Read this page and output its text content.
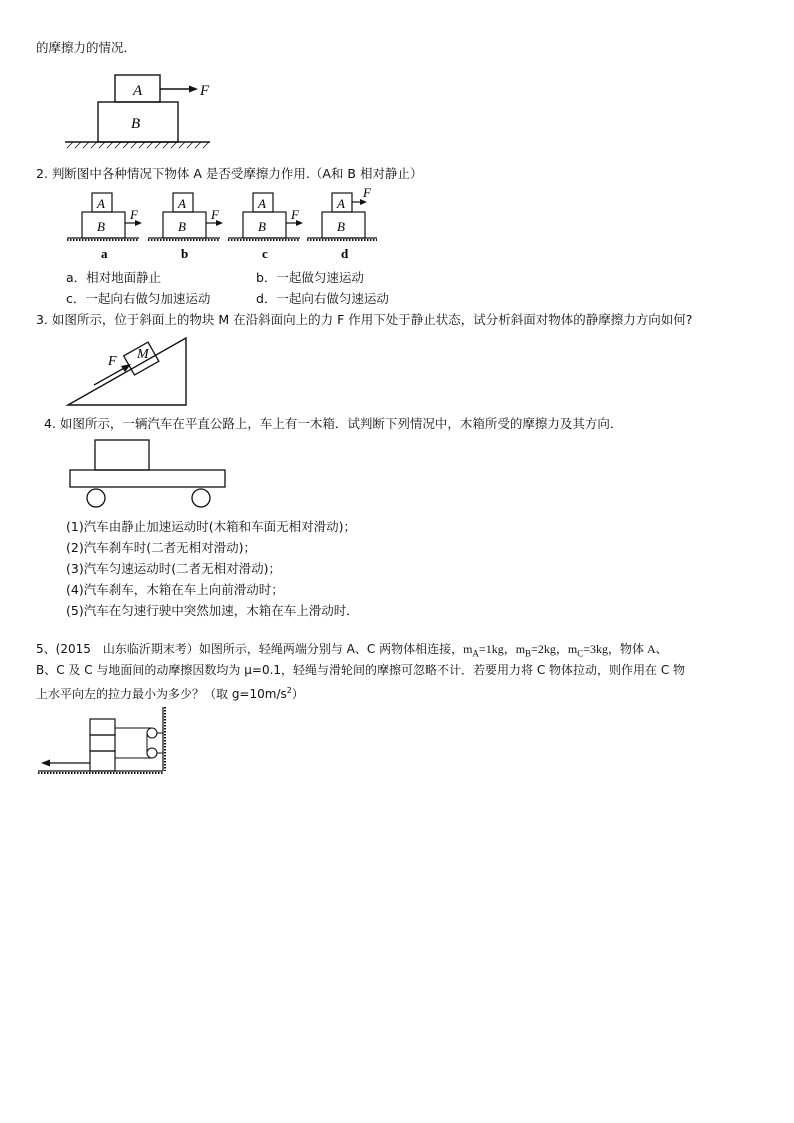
的摩擦力的情况．
A
B
F
2. 判断图中各种情况下物体 A 是否受摩擦力作用.（A和 B 相对静止）
A
B
F
a
A
B
F
b
A
B
F
c
A
B
F
d
a．相对地面静止	b．一起做匀速运动
c．一起向右做匀加速运动	d．一起向右做匀速运动
3. 如图所示，位于斜面上的物块 M 在沿斜面向上的力 F 作用下处于静止状态，试分析斜面对物体的静摩擦力方向如何?
F M
4. 如图所示，一辆汽车在平直公路上，车上有一木箱．试判断下列情况中，木箱所受的摩擦力及其方向．
(1)汽车由静止加速运动时(木箱和车面无相对滑动)；
(2)汽车刹车时(二者无相对滑动)；
(3)汽车匀速运动时(二者无相对滑动)；
(4)汽车刹车，木箱在车上向前滑动时；
(5)汽车在匀速行驶中突然加速，木箱在车上滑动时．
5、(2015　山东临沂期末考）如图所示，轻绳两端分别与 A、C 两物体相连接，$m_A=1kg$，$m_B=2kg$，$m_C=3kg$，物体 A、
B、C 及 C 与地面间的动摩擦因数均为 μ=0.1，轻绳与滑轮间的摩擦可忽略不计．若要用力将 C 物体拉动，则作用在 C 物
上水平向左的拉力最小为多少？（取 $g=10m/s^2$）
